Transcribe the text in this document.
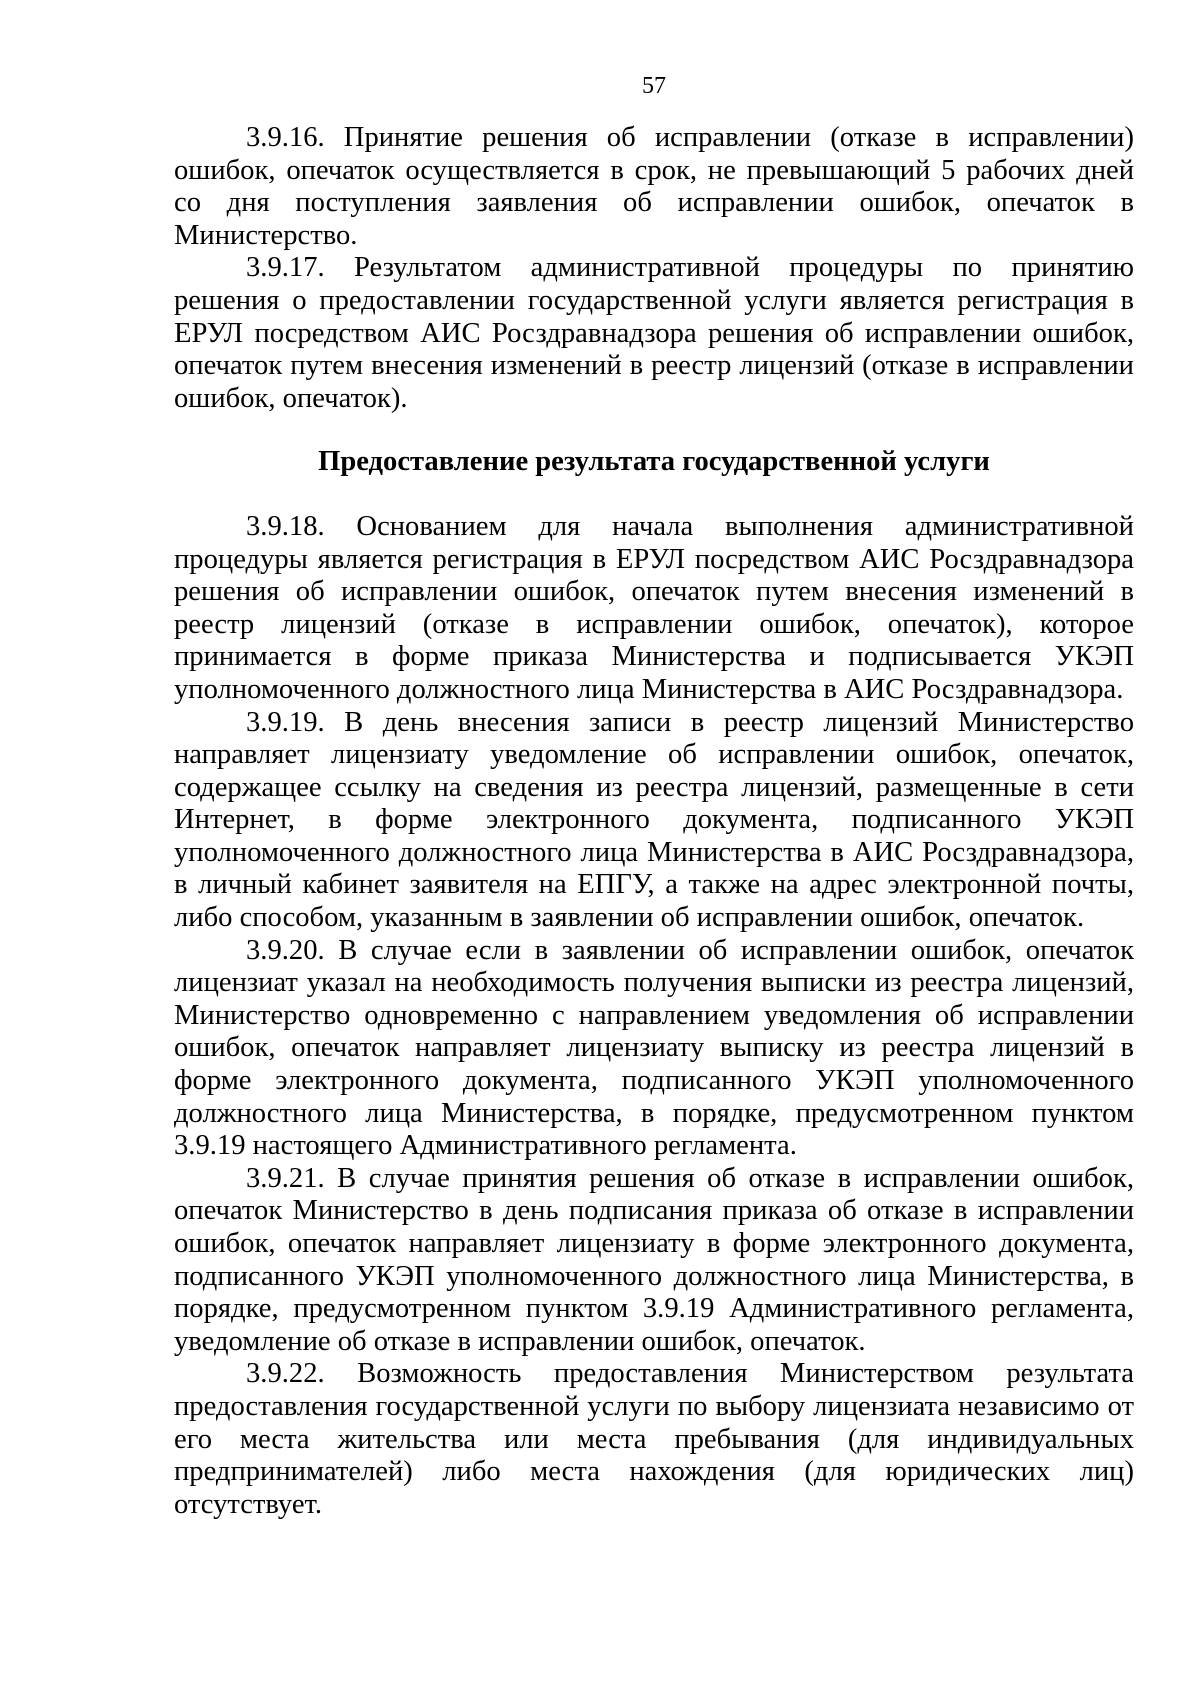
57

3.9.16. Принятие решения об исправлении (отказе в исправлении) ошибок, опечаток осуществляется в срок, не превышающий 5 рабочих дней со дня поступления заявления об исправлении ошибок, опечаток в Министерство.

3.9.17. Результатом административной процедуры по принятию решения о предоставлении государственной услуги является регистрация в ЕРУЛ посредством АИС Росздравнадзора решения об исправлении ошибок, опечаток путем внесения изменений в реестр лицензий (отказе в исправлении ошибок, опечаток).

Предоставление результата государственной услуги

3.9.18. Основанием для начала выполнения административной процедуры является регистрация в ЕРУЛ посредством АИС Росздравнадзора решения об исправлении ошибок, опечаток путем внесения изменений в реестр лицензий (отказе в исправлении ошибок, опечаток), которое принимается в форме приказа Министерства и подписывается УКЭП уполномоченного должностного лица Министерства в АИС Росздравнадзора.

3.9.19. В день внесения записи в реестр лицензий Министерство направляет лицензиату уведомление об исправлении ошибок, опечаток, содержащее ссылку на сведения из реестра лицензий, размещенные в сети Интернет, в форме электронного документа, подписанного УКЭП уполномоченного должностного лица Министерства в АИС Росздравнадзора, в личный кабинет заявителя на ЕПГУ, а также на адрес электронной почты, либо способом, указанным в заявлении об исправлении ошибок, опечаток.

3.9.20. В случае если в заявлении об исправлении ошибок, опечаток лицензиат указал на необходимость получения выписки из реестра лицензий, Министерство одновременно с направлением уведомления об исправлении ошибок, опечаток направляет лицензиату выписку из реестра лицензий в форме электронного документа, подписанного УКЭП уполномоченного должностного лица Министерства, в порядке, предусмотренном пунктом 3.9.19 настоящего Административного регламента.

3.9.21. В случае принятия решения об отказе в исправлении ошибок, опечаток Министерство в день подписания приказа об отказе в исправлении ошибок, опечаток направляет лицензиату в форме электронного документа, подписанного УКЭП уполномоченного должностного лица Министерства, в порядке, предусмотренном пунктом 3.9.19 Административного регламента, уведомление об отказе в исправлении ошибок, опечаток.

3.9.22. Возможность предоставления Министерством результата предоставления государственной услуги по выбору лицензиата независимо от его места жительства или места пребывания (для индивидуальных предпринимателей) либо места нахождения (для юридических лиц) отсутствует.
